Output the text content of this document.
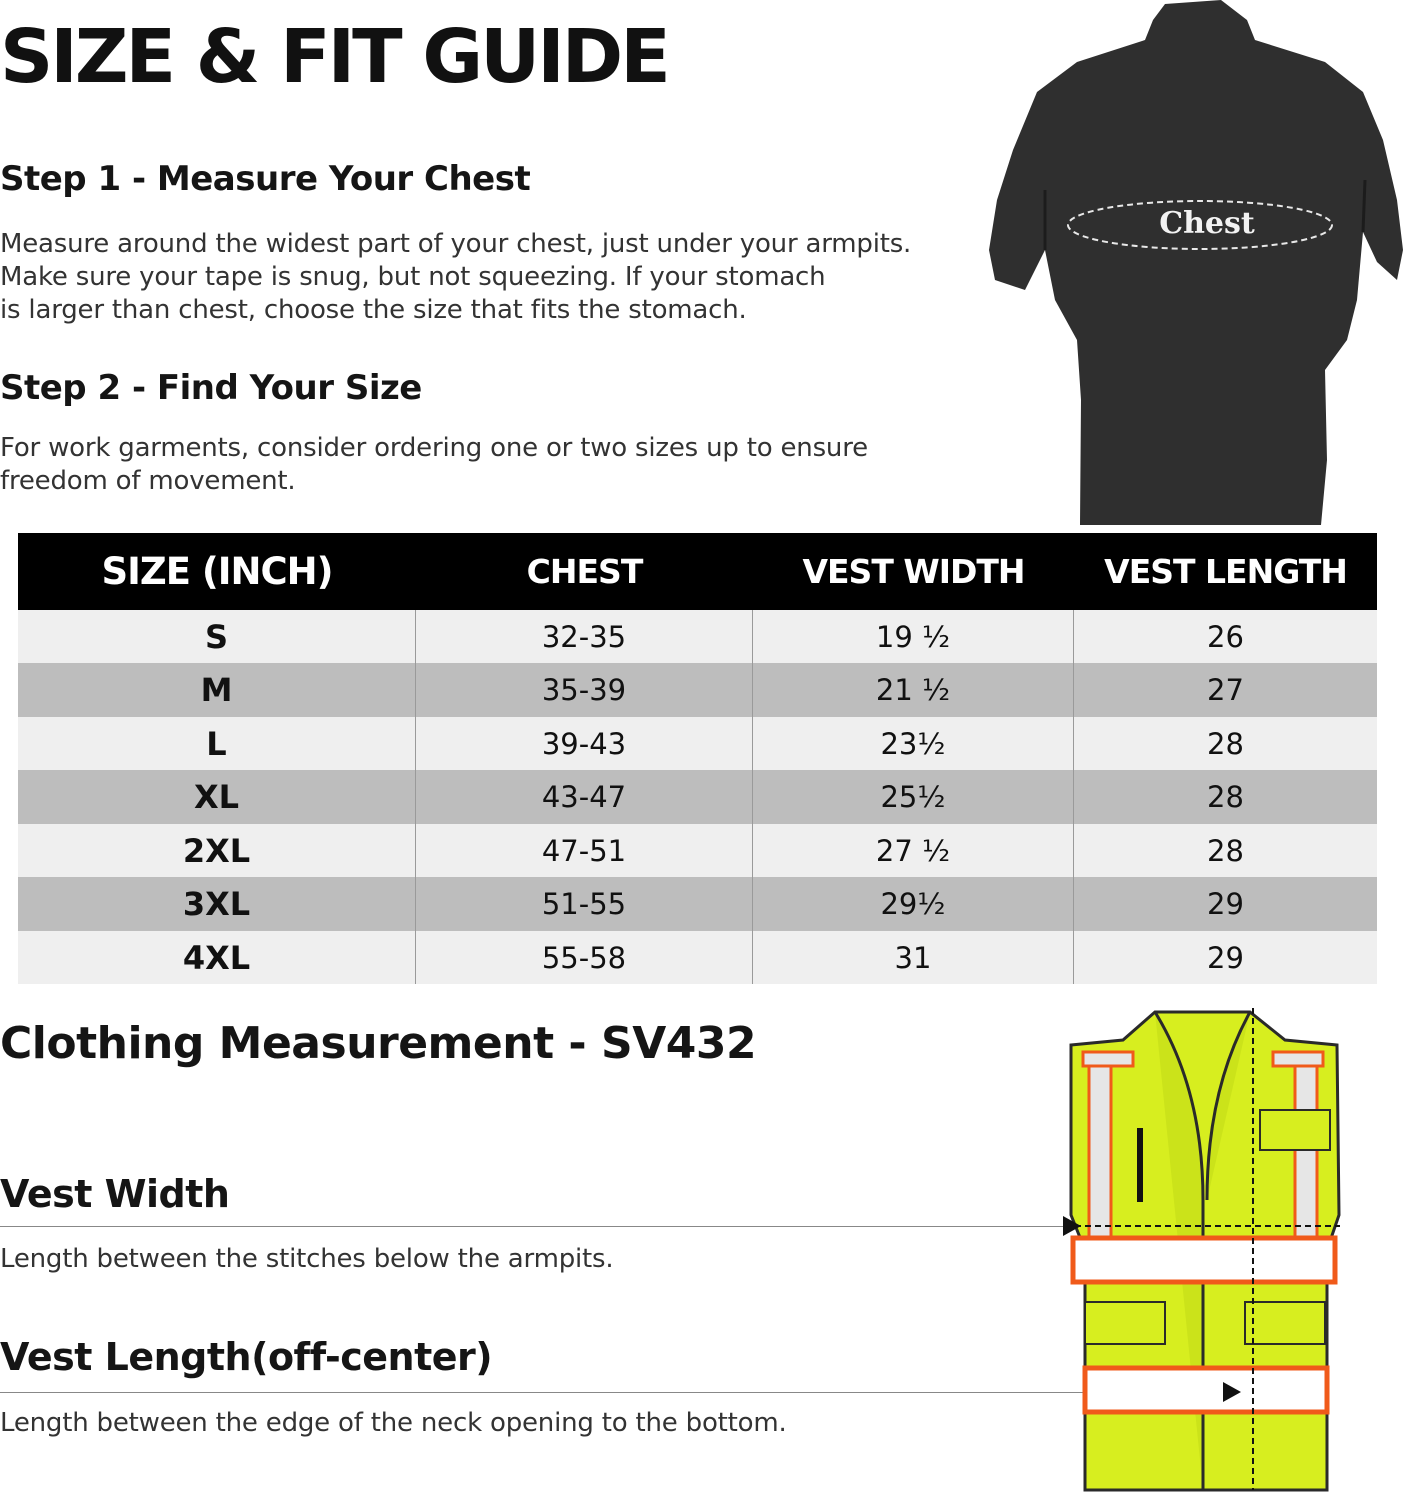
SIZE & FIT GUIDE
Step 1 - Measure Your Chest
Measure around the widest part of your chest, just under your armpits.
Make sure your tape is snug, but not squeezing. If your stomach
is larger than chest, choose the size that fits the stomach.
Step 2 - Find Your Size
For work garments, consider ordering one or two sizes up to ensure
freedom of movement.
Chest
SIZE (INCH)	CHEST	VEST WIDTH	VEST LENGTH
S	32-35	19 ½	26
M	35-39	21 ½	27
L	39-43	23½	28
XL	43-47	25½	28
2XL	47-51	27 ½	28
3XL	51-55	29½	29
4XL	55-58	31	29
Clothing Measurement - SV432
Vest Width
Length between the stitches below the armpits.
Vest Length(off-center)
Length between the edge of the neck opening to the bottom.
